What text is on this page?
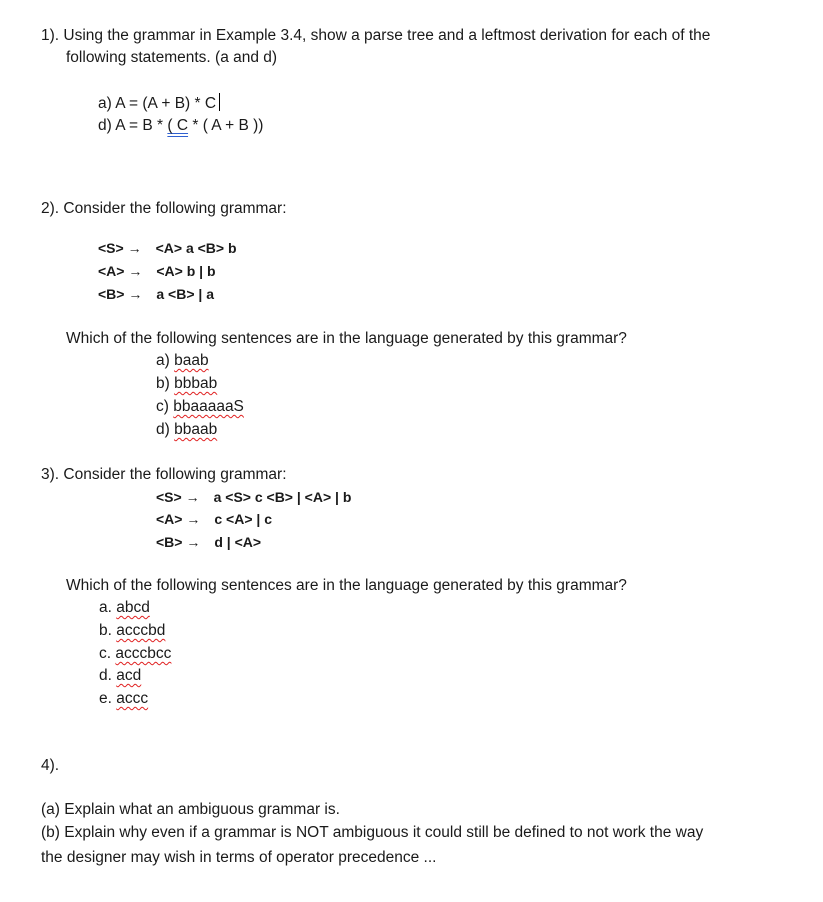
1). Using the grammar in Example 3.4, show a parse tree and a leftmost derivation for each of the
following statements. (a and d)
a) A = (A + B) * C
d) A = B * ( C * ( A + B ))
2). Consider the following grammar:
<S> → <A> a <B> b
<A> → <A> b | b
<B> → a <B> | a
Which of the following sentences are in the language generated by this grammar?
a) baab
b) bbbab
c) bbaaaaaS
d) bbaab
3). Consider the following grammar:
<S> → a <S> c <B> | <A> | b
<A> → c <A> | c
<B> → d | <A>
Which of the following sentences are in the language generated by this grammar?
a. abcd
b. acccbd
c. acccbcc
d. acd
e. accc
4).
(a) Explain what an ambiguous grammar is.
(b) Explain why even if a grammar is NOT ambiguous it could still be defined to not work the way
the designer may wish in terms of operator precedence ...
